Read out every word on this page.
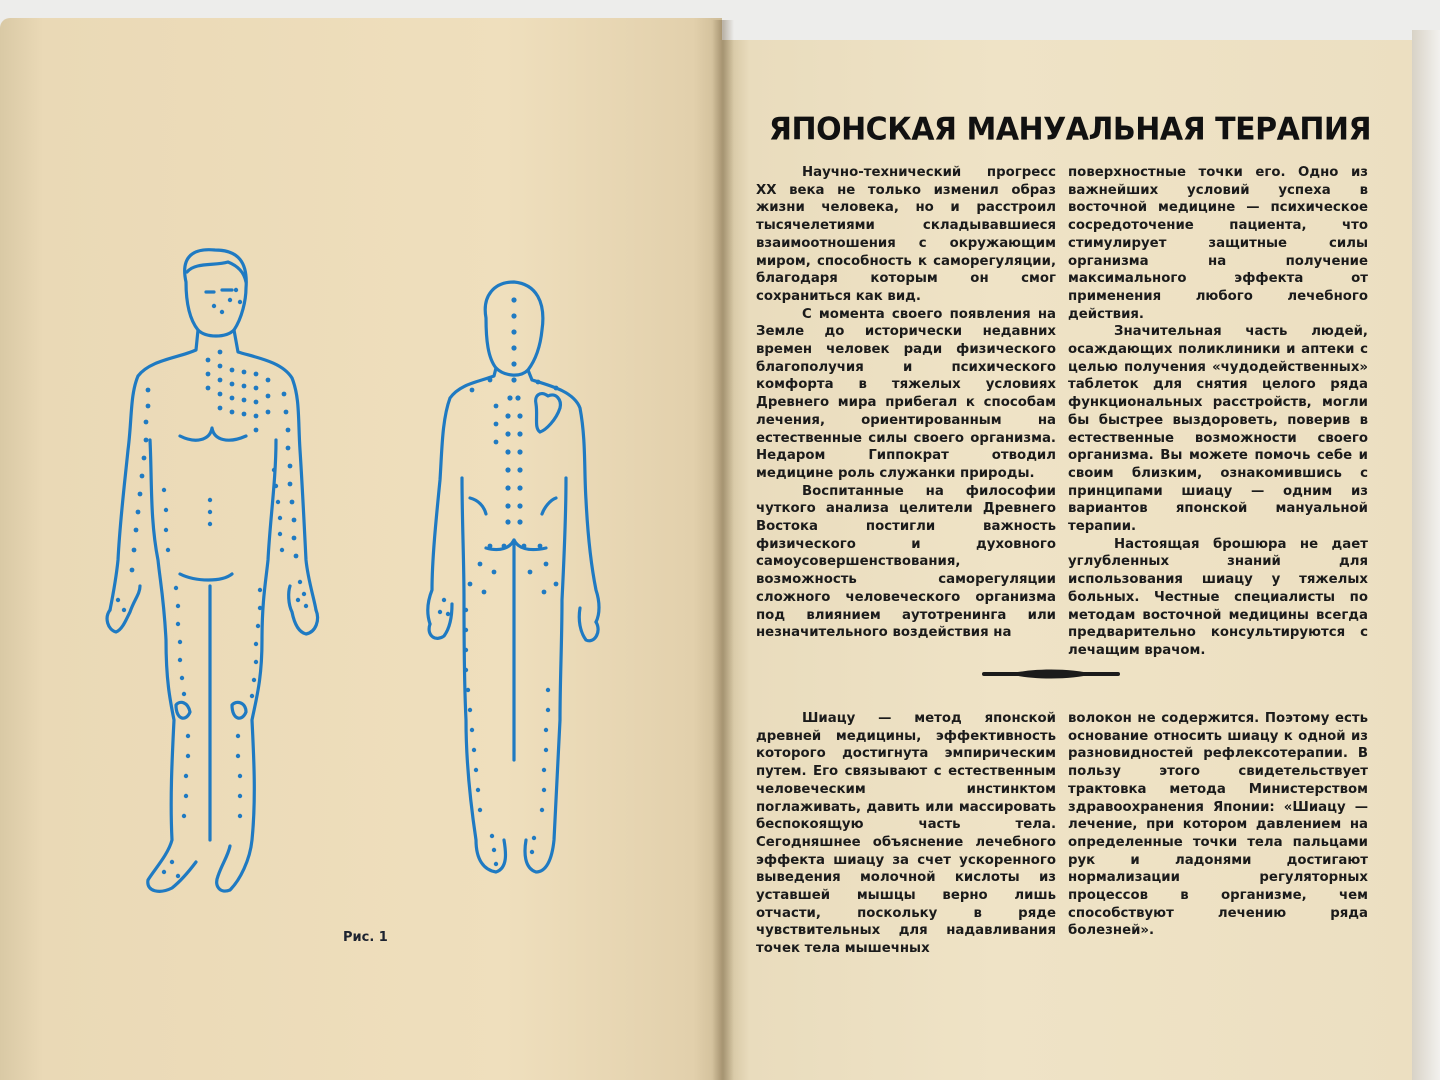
Рис. 1
ЯПОНСКАЯ МАНУАЛЬНАЯ ТЕРАПИЯ

Научно-технический прогресс XX века не только изменил образ жизни человека, но и расстроил тысячелетиями складывавшиеся взаимоотношения с окружающим миром, способность к саморегуляции, благодаря которым он смог сохраниться как вид.

С момента своего появления на Земле до исторически недавних времен человек ради физического благополучия и психического комфорта в тяжелых условиях Древнего мира прибегал к способам лечения, ориентированным на естественные силы своего организма. Недаром Гиппократ отводил медицине роль служанки природы.

Воспитанные на философии чуткого анализа целители Древнего Востока постигли важность физического и духовного самоусовершенствования, возможность саморегуляции сложного человеческого организма под влиянием аутотренинга или незначительного воздействия на

поверхностные точки его. Одно из важнейших условий успеха в восточной медицине — психическое сосредоточение пациента, что стимулирует защитные силы организма на получение максимального эффекта от применения любого лечебного действия.

Значительная часть людей, осаждающих поликлиники и аптеки с целью получения «чудодейственных» таблеток для снятия целого ряда функциональных расстройств, могли бы быстрее выздороветь, поверив в естественные возможности своего организма. Вы можете помочь себе и своим близким, ознакомившись с принципами шиацу — одним из вариантов японской мануальной терапии.

Настоящая брошюра не дает углубленных знаний для использования шиацу у тяжелых больных. Честные специалисты по методам восточной медицины всегда предварительно консультируются с лечащим врачом.

Шиацу — метод японской древней медицины, эффективность которого достигнута эмпирическим путем. Его связывают с естественным человеческим инстинктом поглаживать, давить или массировать беспокоящую часть тела. Сегодняшнее объяснение лечебного эффекта шиацу за счет ускоренного выведения молочной кислоты из уставшей мышцы верно лишь отчасти, поскольку в ряде чувствительных для надавливания точек тела мышечных

волокон не содержится. Поэтому есть основание относить шиацу к одной из разновидностей рефлексотерапии. В пользу этого свидетельствует трактовка метода Министерством здравоохранения Японии: «Шиацу — лечение, при котором давлением на определенные точки тела пальцами рук и ладонями достигают нормализации регуляторных процессов в организме, чем способствуют лечению ряда болезней».
